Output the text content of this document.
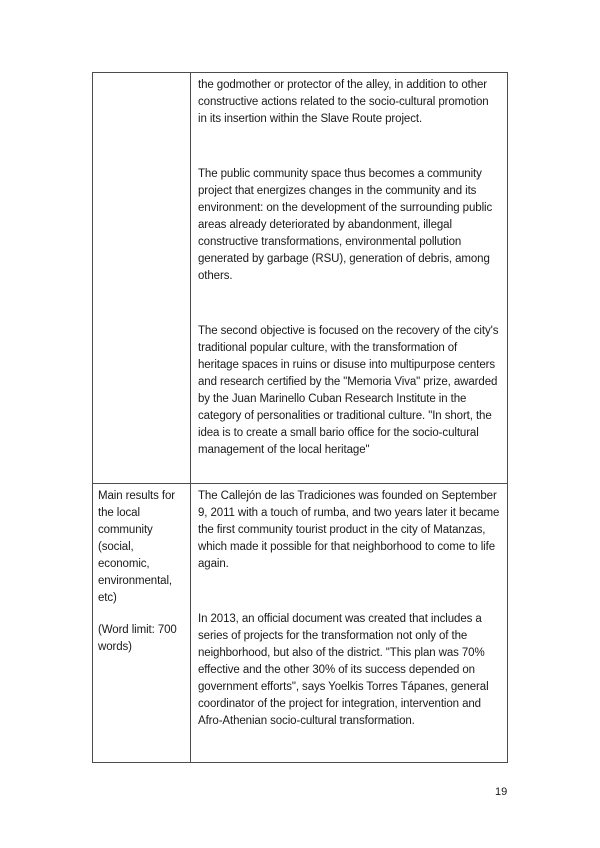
the godmother or protector of the alley, in addition to other constructive actions related to the socio-cultural promotion in its insertion within the Slave Route project.

The public community space thus becomes a community project that energizes changes in the community and its environment: on the development of the surrounding public areas already deteriorated by abandonment, illegal constructive transformations, environmental pollution generated by garbage (RSU), generation of debris, among others.

The second objective is focused on the recovery of the city's traditional popular culture, with the transformation of heritage spaces in ruins or disuse into multipurpose centers and research certified by the "Memoria Viva" prize, awarded by the Juan Marinello Cuban Research Institute in the category of personalities or traditional culture. "In short, the idea is to create a small bario office for the socio-cultural management of the local heritage"

Main results for the local community (social, economic, environmental, etc)

(Word limit: 700 words)

The Callejón de las Tradiciones was founded on September 9, 2011 with a touch of rumba, and two years later it became the first community tourist product in the city of Matanzas, which made it possible for that neighborhood to come to life again.

In 2013, an official document was created that includes a series of projects for the transformation not only of the neighborhood, but also of the district. "This plan was 70% effective and the other 30% of its success depended on government efforts", says Yoelkis Torres Tápanes, general coordinator of the project for integration, intervention and Afro-Athenian socio-cultural transformation.

19
